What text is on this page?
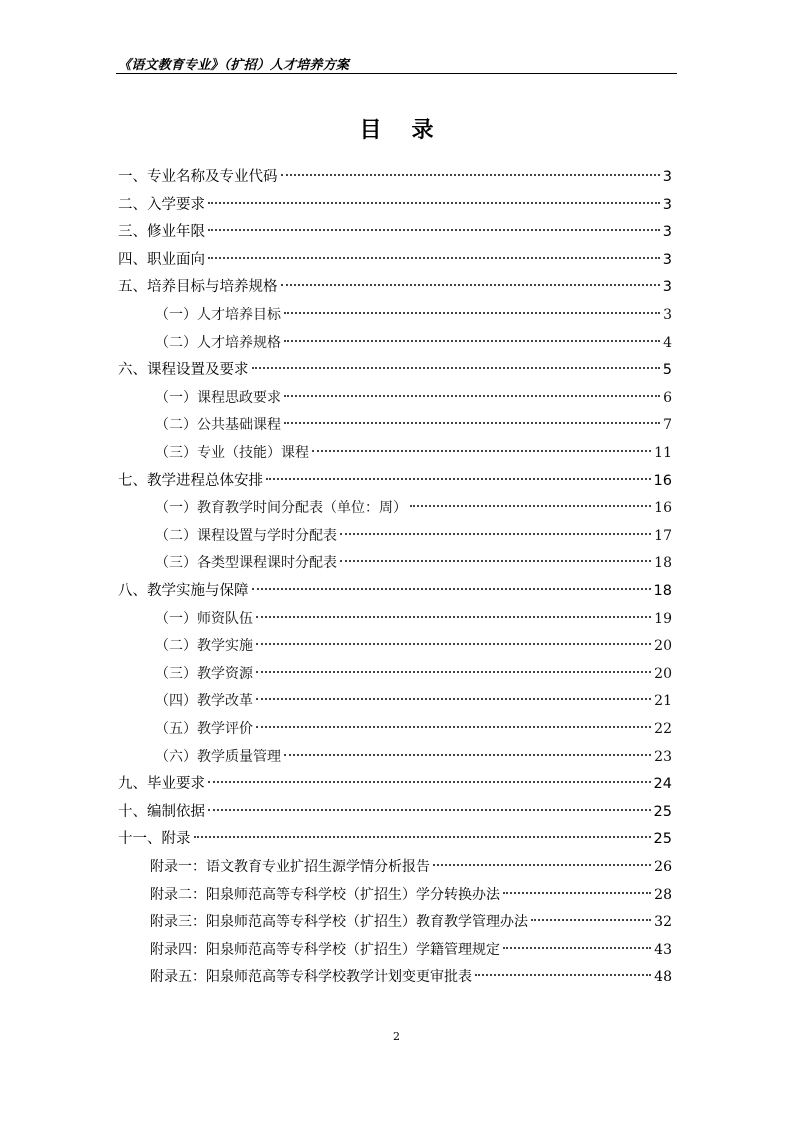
《语文教育专业》（扩招）人才培养方案
目录
一、专业名称及专业代码	3
二、入学要求	3
三、修业年限	3
四、职业面向	3
五、培养目标与培养规格	3
（一）人才培养目标	3
（二）人才培养规格	4
六、课程设置及要求	5
（一）课程思政要求	6
（二）公共基础课程	7
（三）专业（技能）课程	11
七、教学进程总体安排	16
（一）教育教学时间分配表（单位：周）	16
（二）课程设置与学时分配表	17
（三）各类型课程课时分配表	18
八、教学实施与保障	18
（一）师资队伍	19
（二）教学实施	20
（三）教学资源	20
（四）教学改革	21
（五）教学评价	22
（六）教学质量管理	23
九、毕业要求	24
十、编制依据	25
十一、附录	25
附录一：语文教育专业扩招生源学情分析报告	26
附录二：阳泉师范高等专科学校（扩招生）学分转换办法	28
附录三：阳泉师范高等专科学校（扩招生）教育教学管理办法	32
附录四：阳泉师范高等专科学校（扩招生）学籍管理规定	43
附录五：阳泉师范高等专科学校教学计划变更审批表	48
2
